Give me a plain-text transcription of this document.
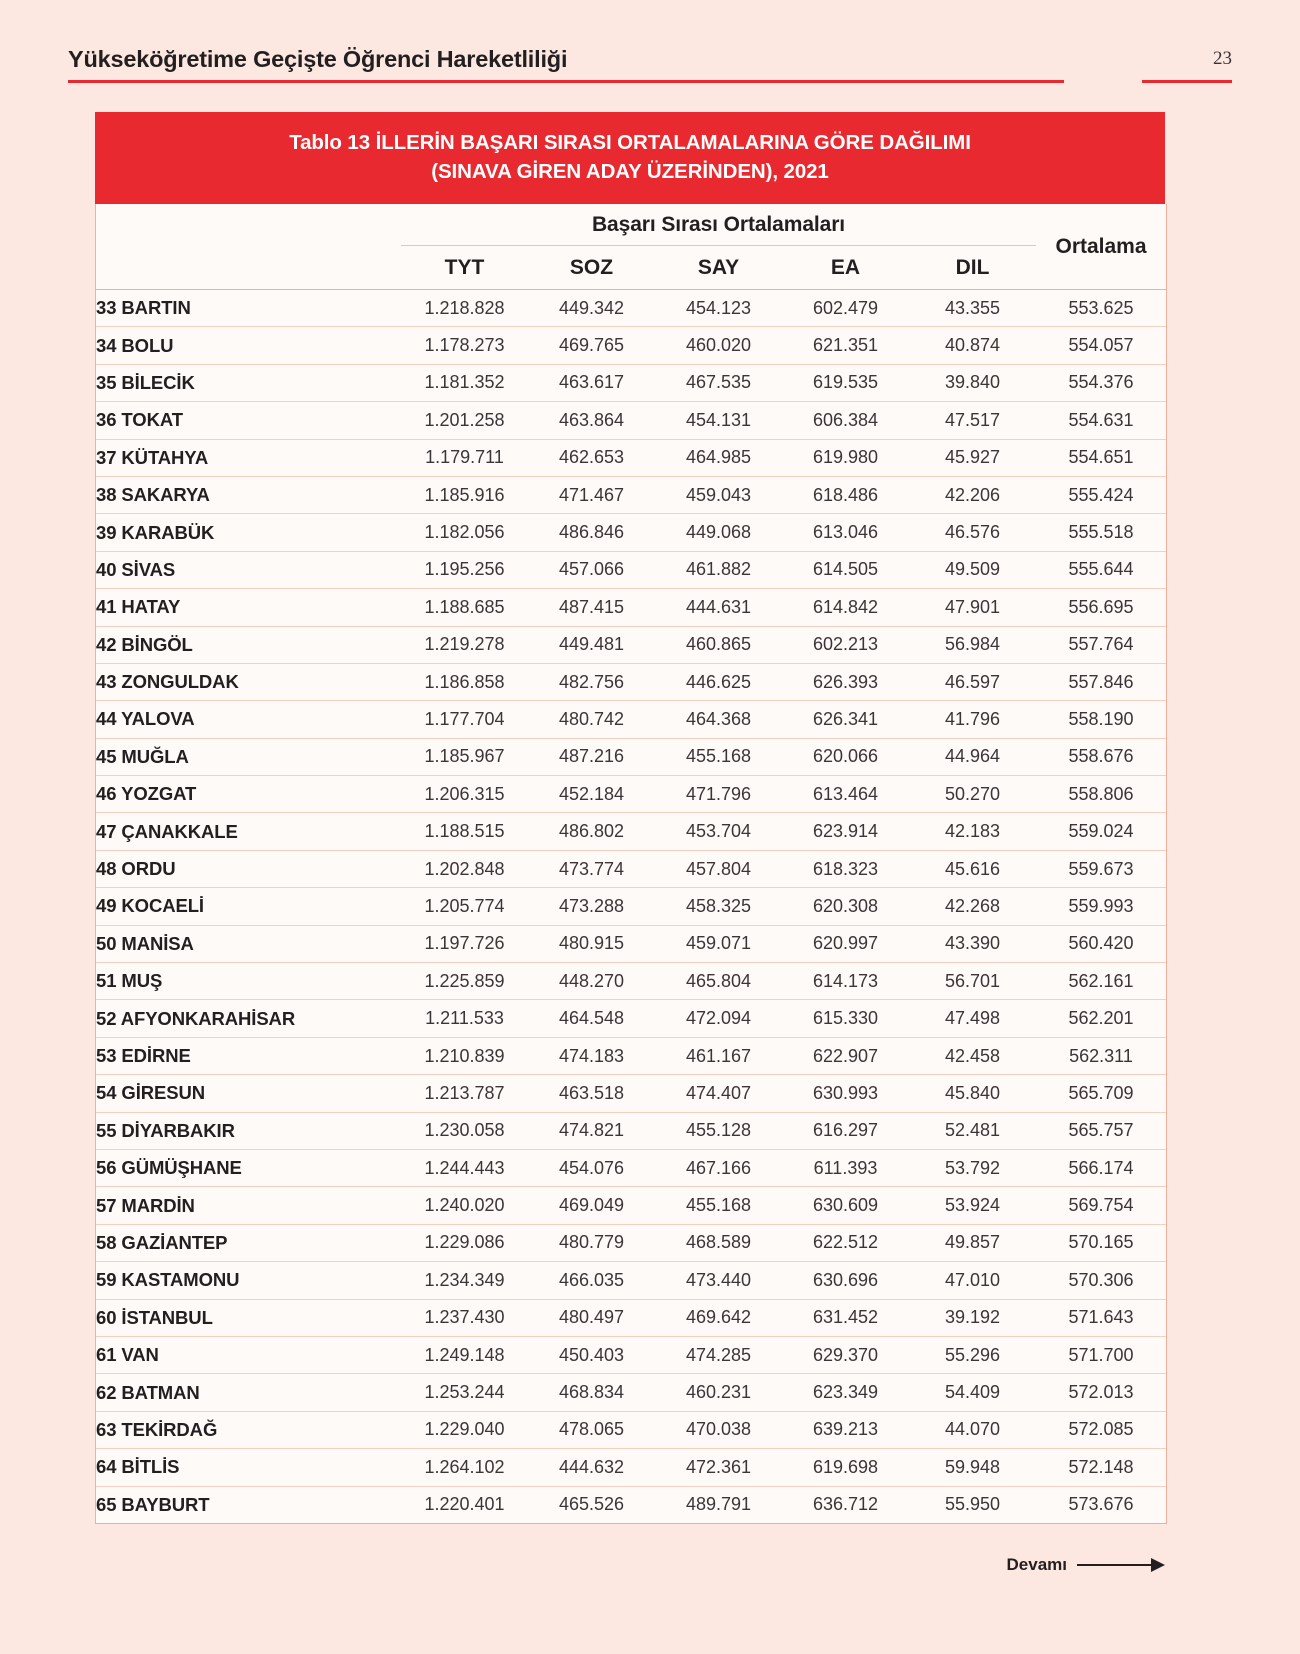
Yükseköğretime Geçişte Öğrenci Hareketliliği	23
Tablo 13 İLLERİN BAŞARI SIRASI ORTALAMALARINA GÖRE DAĞILIMI
(SINAVA GİREN ADAY ÜZERİNDEN), 2021
	Başarı Sırası Ortalamaları					Ortalama
	TYT	SOZ	SAY	EA	DIL	
33 BARTIN	1.218.828	449.342	454.123	602.479	43.355	553.625
34 BOLU	1.178.273	469.765	460.020	621.351	40.874	554.057
35 BİLECİK	1.181.352	463.617	467.535	619.535	39.840	554.376
36 TOKAT	1.201.258	463.864	454.131	606.384	47.517	554.631
37 KÜTAHYA	1.179.711	462.653	464.985	619.980	45.927	554.651
38 SAKARYA	1.185.916	471.467	459.043	618.486	42.206	555.424
39 KARABÜK	1.182.056	486.846	449.068	613.046	46.576	555.518
40 SİVAS	1.195.256	457.066	461.882	614.505	49.509	555.644
41 HATAY	1.188.685	487.415	444.631	614.842	47.901	556.695
42 BİNGÖL	1.219.278	449.481	460.865	602.213	56.984	557.764
43 ZONGULDAK	1.186.858	482.756	446.625	626.393	46.597	557.846
44 YALOVA	1.177.704	480.742	464.368	626.341	41.796	558.190
45 MUĞLA	1.185.967	487.216	455.168	620.066	44.964	558.676
46 YOZGAT	1.206.315	452.184	471.796	613.464	50.270	558.806
47 ÇANAKKALE	1.188.515	486.802	453.704	623.914	42.183	559.024
48 ORDU	1.202.848	473.774	457.804	618.323	45.616	559.673
49 KOCAELİ	1.205.774	473.288	458.325	620.308	42.268	559.993
50 MANİSA	1.197.726	480.915	459.071	620.997	43.390	560.420
51 MUŞ	1.225.859	448.270	465.804	614.173	56.701	562.161
52 AFYONKARAHİSAR	1.211.533	464.548	472.094	615.330	47.498	562.201
53 EDİRNE	1.210.839	474.183	461.167	622.907	42.458	562.311
54 GİRESUN	1.213.787	463.518	474.407	630.993	45.840	565.709
55 DİYARBAKIR	1.230.058	474.821	455.128	616.297	52.481	565.757
56 GÜMÜŞHANE	1.244.443	454.076	467.166	611.393	53.792	566.174
57 MARDİN	1.240.020	469.049	455.168	630.609	53.924	569.754
58 GAZİANTEP	1.229.086	480.779	468.589	622.512	49.857	570.165
59 KASTAMONU	1.234.349	466.035	473.440	630.696	47.010	570.306
60 İSTANBUL	1.237.430	480.497	469.642	631.452	39.192	571.643
61 VAN	1.249.148	450.403	474.285	629.370	55.296	571.700
62 BATMAN	1.253.244	468.834	460.231	623.349	54.409	572.013
63 TEKİRDAĞ	1.229.040	478.065	470.038	639.213	44.070	572.085
64 BİTLİS	1.264.102	444.632	472.361	619.698	59.948	572.148
65 BAYBURT	1.220.401	465.526	489.791	636.712	55.950	573.676
Devamı
